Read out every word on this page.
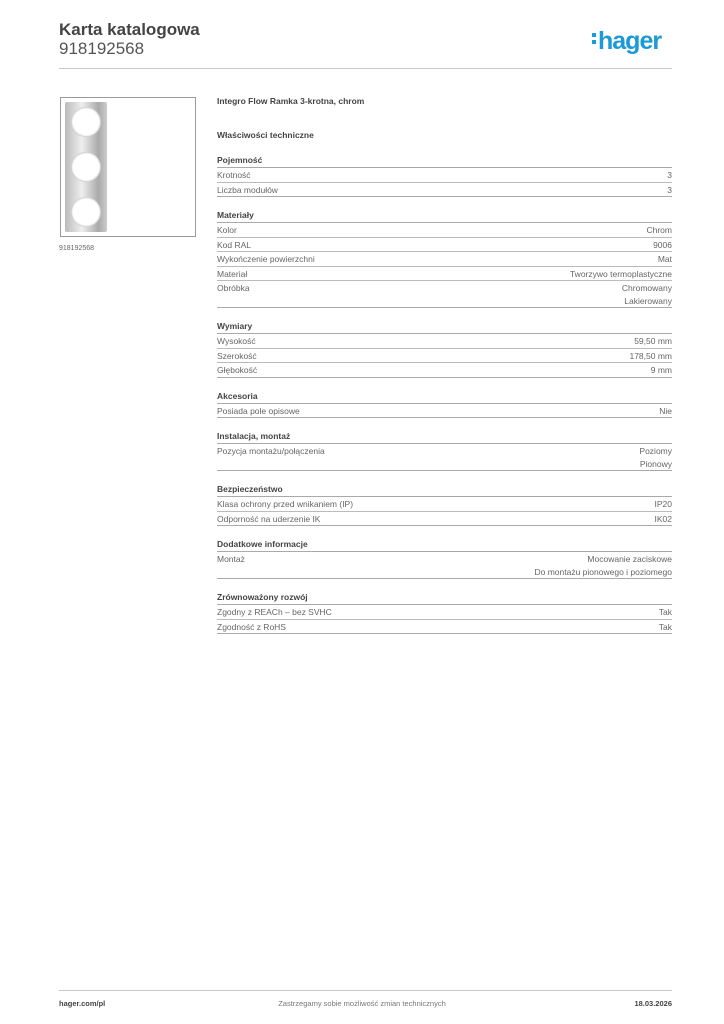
Karta katalogowa
918192568	hager
918192568
Integro Flow Ramka 3-krotna, chrom
Właściwości techniczne
Pojemność
Krotność	3
Liczba modułów	3
Materiały
Kolor	Chrom
Kod RAL	9006
Wykończenie powierzchni	Mat
Materiał	Tworzywo termoplastyczne
Obróbka	Chromowany
Lakierowany
Wymiary
Wysokość	59,50 mm
Szerokość	178,50 mm
Głębokość	9 mm
Akcesoria
Posiada pole opisowe	Nie
Instalacja, montaż
Pozycja montażu/połączenia	Poziomy
Pionowy
Bezpieczeństwo
Klasa ochrony przed wnikaniem (IP)	IP20
Odporność na uderzenie IK	IK02
Dodatkowe informacje
Montaż	Mocowanie zaciskowe
Do montażu pionowego i poziomego
Zrównoważony rozwój
Zgodny z REACh – bez SVHC	Tak
Zgodność z RoHS	Tak
hager.com/pl	Zastrzegamy sobie możliwość zmian technicznych	18.03.2026
